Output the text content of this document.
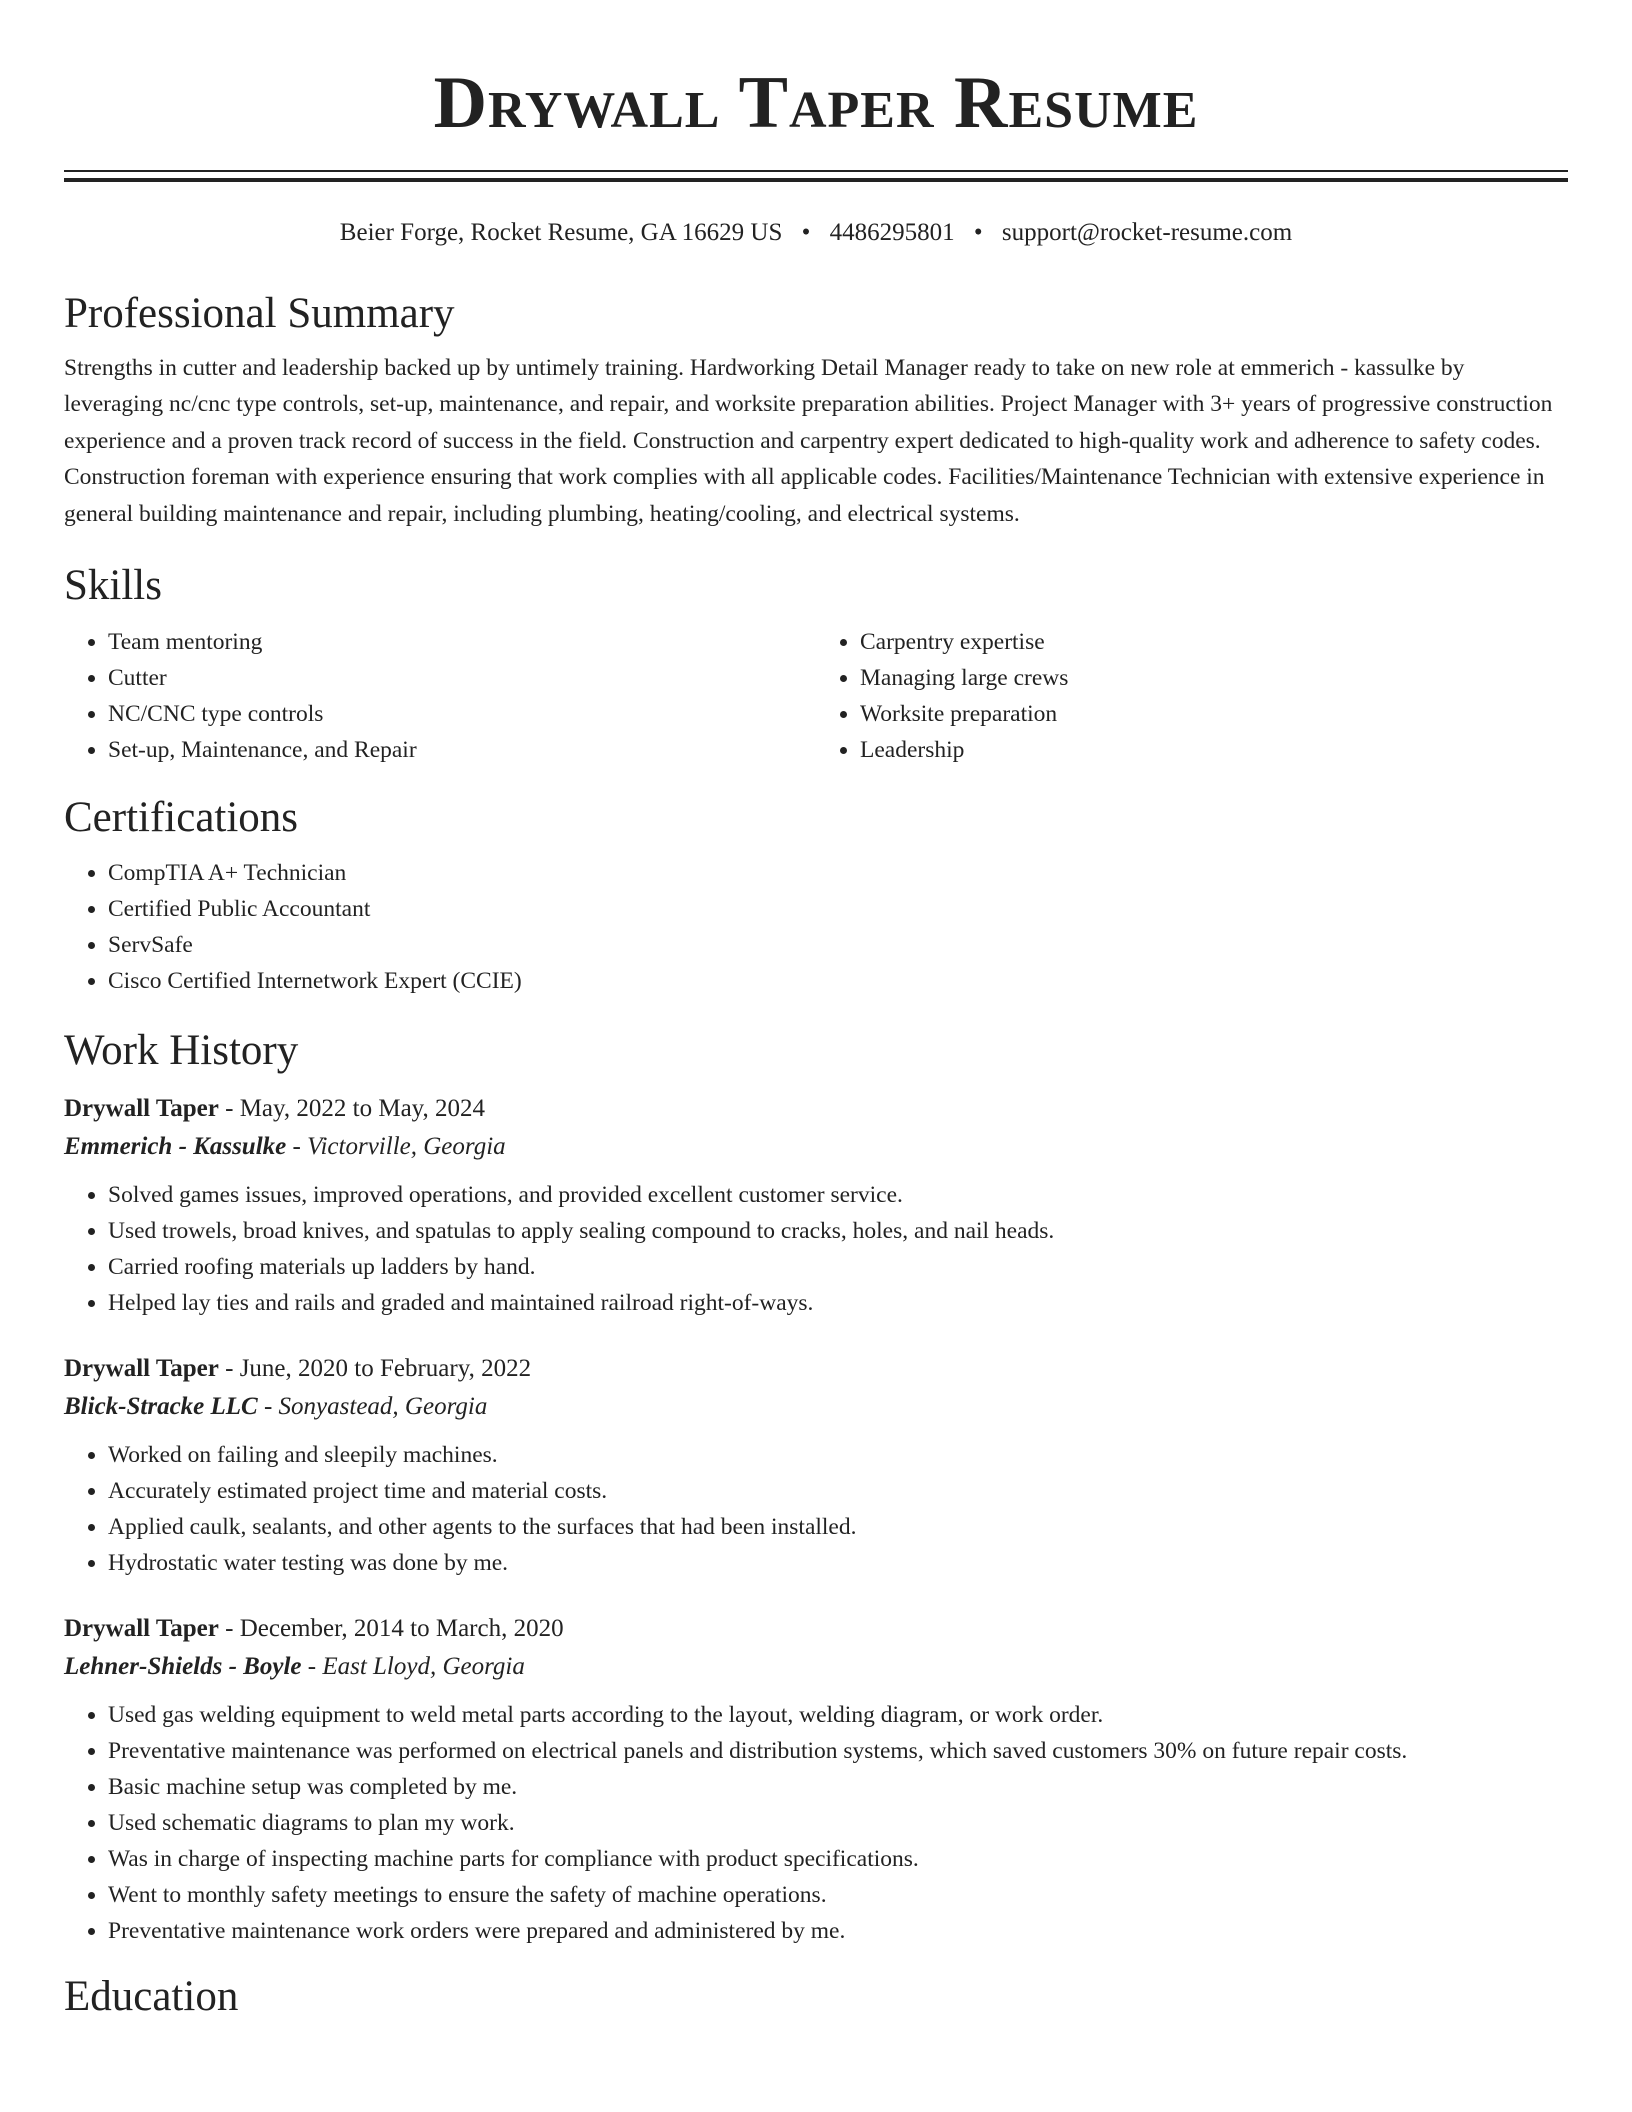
Drywall Taper Resume
Beier Forge, Rocket Resume, GA 16629 US • 4486295801 • support@rocket-resume.com
Professional Summary

Strengths in cutter and leadership backed up by untimely training. Hardworking Detail Manager ready to take on new role at emmerich - kassulke by leveraging nc/cnc type controls, set-up, maintenance, and repair, and worksite preparation abilities. Project Manager with 3+ years of progressive construction experience and a proven track record of success in the field. Construction and carpentry expert dedicated to high-quality work and adherence to safety codes. Construction foreman with experience ensuring that work complies with all applicable codes. Facilities/Maintenance Technician with extensive experience in general building maintenance and repair, including plumbing, heating/cooling, and electrical systems.

Skills
• Team mentoring
• Cutter
• NC/CNC type controls
• Set-up, Maintenance, and Repair
• Carpentry expertise
• Managing large crews
• Worksite preparation
• Leadership
Certifications
• CompTIA A+ Technician
• Certified Public Accountant
• ServSafe
• Cisco Certified Internetwork Expert (CCIE)
Work History
Drywall Taper - May, 2022 to May, 2024
Emmerich - Kassulke - Victorville, Georgia
• Solved games issues, improved operations, and provided excellent customer service.
• Used trowels, broad knives, and spatulas to apply sealing compound to cracks, holes, and nail heads.
• Carried roofing materials up ladders by hand.
• Helped lay ties and rails and graded and maintained railroad right-of-ways.
Drywall Taper - June, 2020 to February, 2022
Blick-Stracke LLC - Sonyastead, Georgia
• Worked on failing and sleepily machines.
• Accurately estimated project time and material costs.
• Applied caulk, sealants, and other agents to the surfaces that had been installed.
• Hydrostatic water testing was done by me.
Drywall Taper - December, 2014 to March, 2020
Lehner-Shields - Boyle - East Lloyd, Georgia
• Used gas welding equipment to weld metal parts according to the layout, welding diagram, or work order.
• Preventative maintenance was performed on electrical panels and distribution systems, which saved customers 30% on future repair costs.
• Basic machine setup was completed by me.
• Used schematic diagrams to plan my work.
• Was in charge of inspecting machine parts for compliance with product specifications.
• Went to monthly safety meetings to ensure the safety of machine operations.
• Preventative maintenance work orders were prepared and administered by me.
Education
